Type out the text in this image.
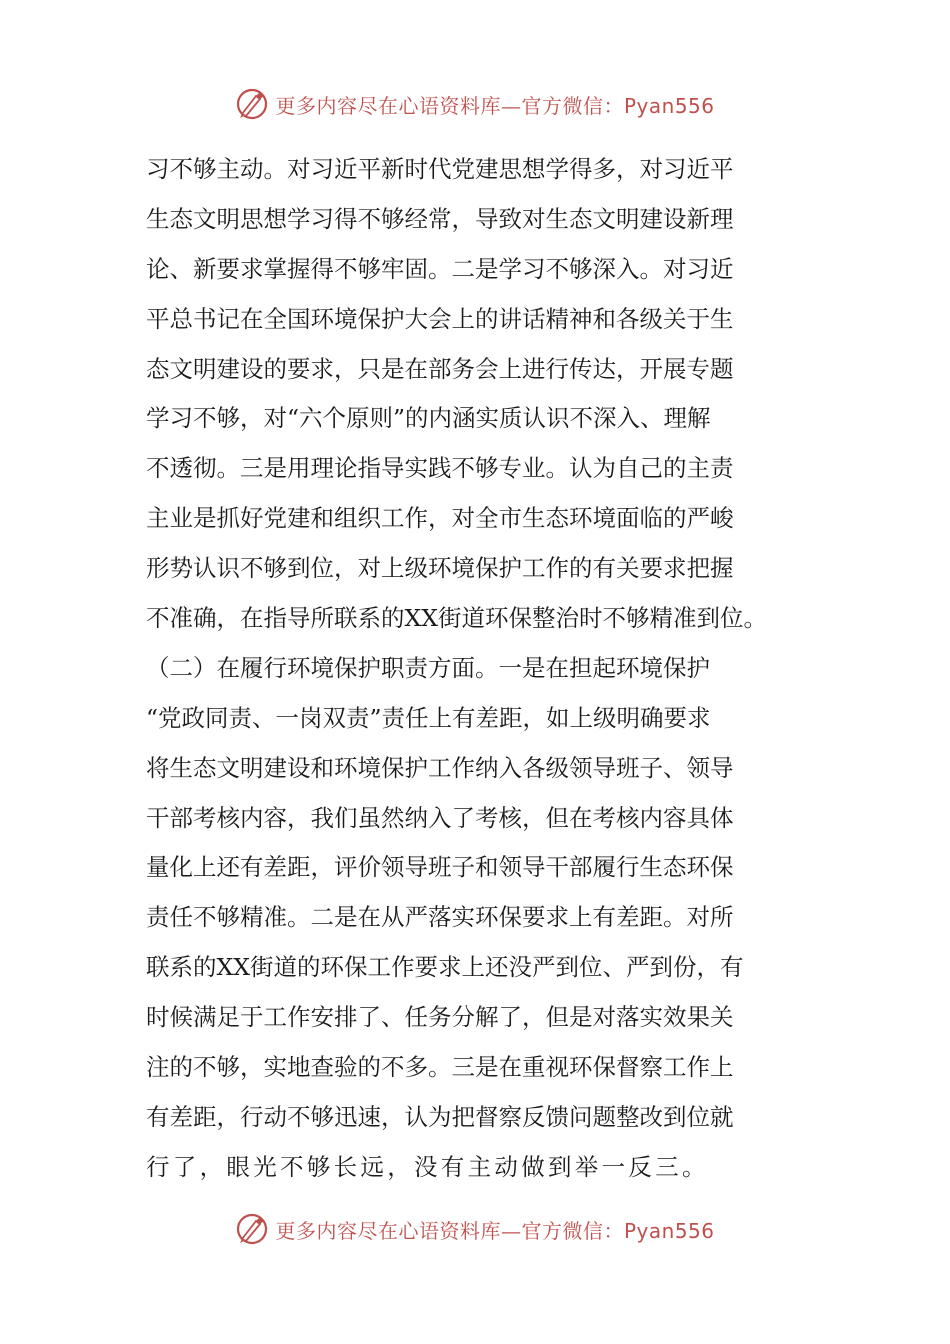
更多内容尽在心语资料库—官方微信：Pyan556
习不够主动。对习近平新时代党建思想学得多，对习近平
生态文明思想学习得不够经常，导致对生态文明建设新理
论、新要求掌握得不够牢固。二是学习不够深入。对习近
平总书记在全国环境保护大会上的讲话精神和各级关于生
态文明建设的要求，只是在部务会上进行传达，开展专题
学习不够，对“六个原则”的内涵实质认识不深入、理解
不透彻。三是用理论指导实践不够专业。认为自己的主责
主业是抓好党建和组织工作，对全市生态环境面临的严峻
形势认识不够到位，对上级环境保护工作的有关要求把握
不准确，在指导所联系的XX街道环保整治时不够精准到位。
（二）在履行环境保护职责方面。一是在担起环境保护
“党政同责、一岗双责”责任上有差距，如上级明确要求
将生态文明建设和环境保护工作纳入各级领导班子、领导
干部考核内容，我们虽然纳入了考核，但在考核内容具体
量化上还有差距，评价领导班子和领导干部履行生态环保
责任不够精准。二是在从严落实环保要求上有差距。对所
联系的XX街道的环保工作要求上还没严到位、严到份，有
时候满足于工作安排了、任务分解了，但是对落实效果关
注的不够，实地查验的不多。三是在重视环保督察工作上
有差距，行动不够迅速，认为把督察反馈问题整改到位就
行了，眼光不够长远，没有主动做到举一反三。
更多内容尽在心语资料库—官方微信：Pyan556
